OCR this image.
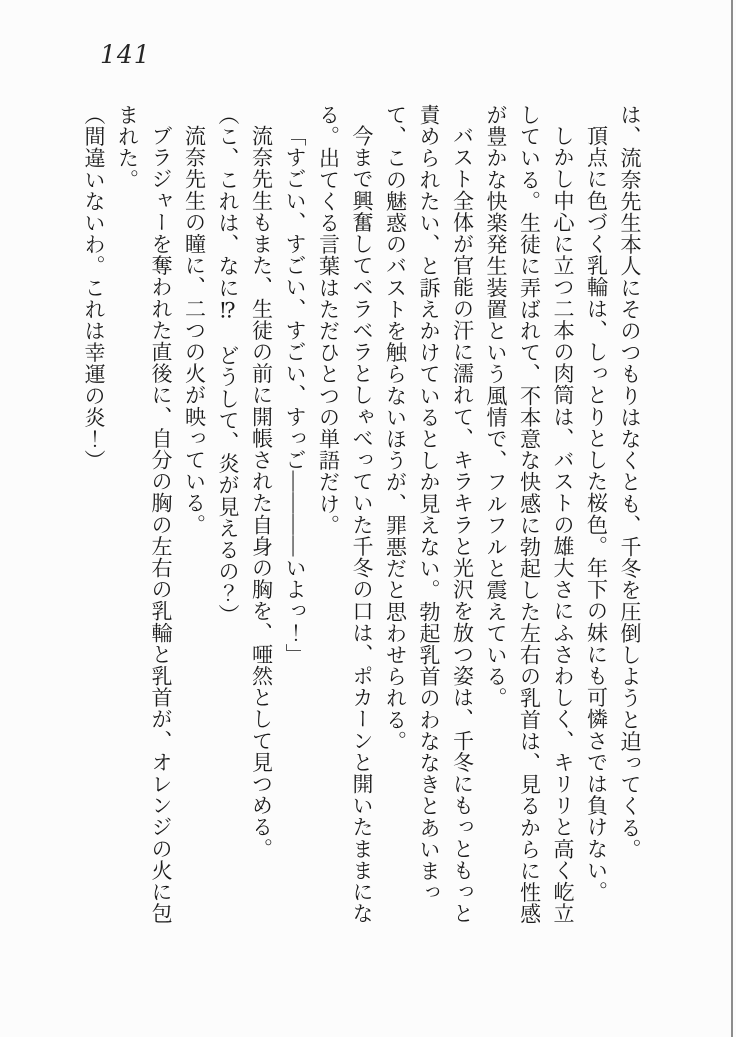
141

は、流奈先生本人にそのつもりはなくとも、千冬を圧倒しようと迫ってくる。

頂点に色づく乳輪は、しっとりとした桜色。年下の妹にも可憐さでは負けない。

しかし中心に立つ二本の肉筒は、バストの雄大さにふさわしく、キリリと高く屹立している。生徒に弄ばれて、不本意な快感に勃起した左右の乳首は、見るからに性感が豊かな快楽発生装置という風情で、フルフルと震えている。

バスト全体が官能の汗に濡れて、キラキラと光沢を放つ姿は、千冬にもっともっと責められたい、と訴えかけているとしか見えない。勃起乳首のわななきとあいまって、この魅惑のバストを触らないほうが、罪悪だと思わせられる。

今まで興奮してベラベラとしゃべっていた千冬の口は、ポカーンと開いたままになる。出てくる言葉はただひとつの単語だけ。

「すごい、すごい、すごい、すっご――――いよっ！」

流奈先生もまた、生徒の前に開帳された自身の胸を、唖然として見つめる。

（こ、これは、なに⁉　どうして、炎が見えるの？）

流奈先生の瞳に、二つの火が映っている。

ブラジャーを奪われた直後に、自分の胸の左右の乳輪と乳首が、オレンジの火に包まれた。

（間違いないわ。これは幸運の炎！）
